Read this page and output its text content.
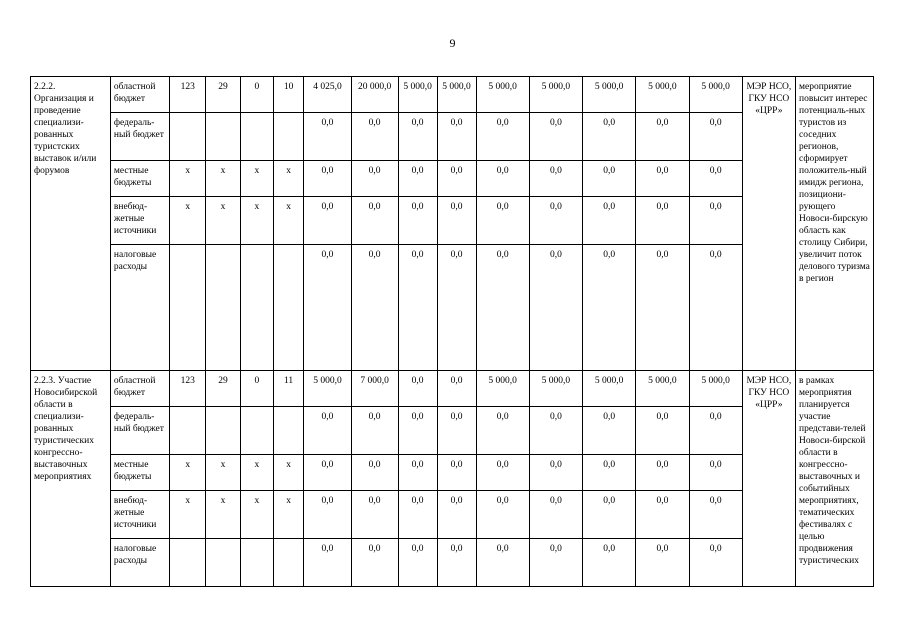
9
2.2.2. Организация и проведение специализи-рованных туристских выставок и/или форумов	областной бюджет	123	29	0	10	4 025,0	20 000,0	5 000,0	5 000,0	5 000,0	5 000,0	5 000,0	5 000,0	5 000,0	МЭР НСО, ГКУ НСО «ЦРР»	мероприятие повысит интерес потенциаль-ных туристов из соседних регионов, сформирует положитель-ный имидж региона, позициони-рующего Новоси-бирскую область как столицу Сибири, увеличит поток делового туризма в регион
	федераль-ный бюджет					0,0	0,0	0,0	0,0	0,0	0,0	0,0	0,0	0,0		
	местные бюджеты	x	x	x	x	0,0	0,0	0,0	0,0	0,0	0,0	0,0	0,0	0,0		
	внебюд-жетные источники	x	x	x	x	0,0	0,0	0,0	0,0	0,0	0,0	0,0	0,0	0,0		
	налоговые расходы					0,0	0,0	0,0	0,0	0,0	0,0	0,0	0,0	0,0		
2.2.3. Участие Новосибирской области в специализи-рованных туристических конгрессно-выставочных мероприятиях	областной бюджет	123	29	0	11	5 000,0	7 000,0	0,0	0,0	5 000,0	5 000,0	5 000,0	5 000,0	5 000,0	МЭР НСО, ГКУ НСО «ЦРР»	в рамках мероприятия планируется участие представи-телей Новоси-бирской области в конгрессно-выставочных и событийных мероприятиях, тематических фестивалях с целью продвижения туристических
	федераль-ный бюджет					0,0	0,0	0,0	0,0	0,0	0,0	0,0	0,0	0,0		
	местные бюджеты	x	x	x	x	0,0	0,0	0,0	0,0	0,0	0,0	0,0	0,0	0,0		
	внебюд-жетные источники	x	x	x	x	0,0	0,0	0,0	0,0	0,0	0,0	0,0	0,0	0,0		
	налоговые расходы					0,0	0,0	0,0	0,0	0,0	0,0	0,0	0,0	0,0		
